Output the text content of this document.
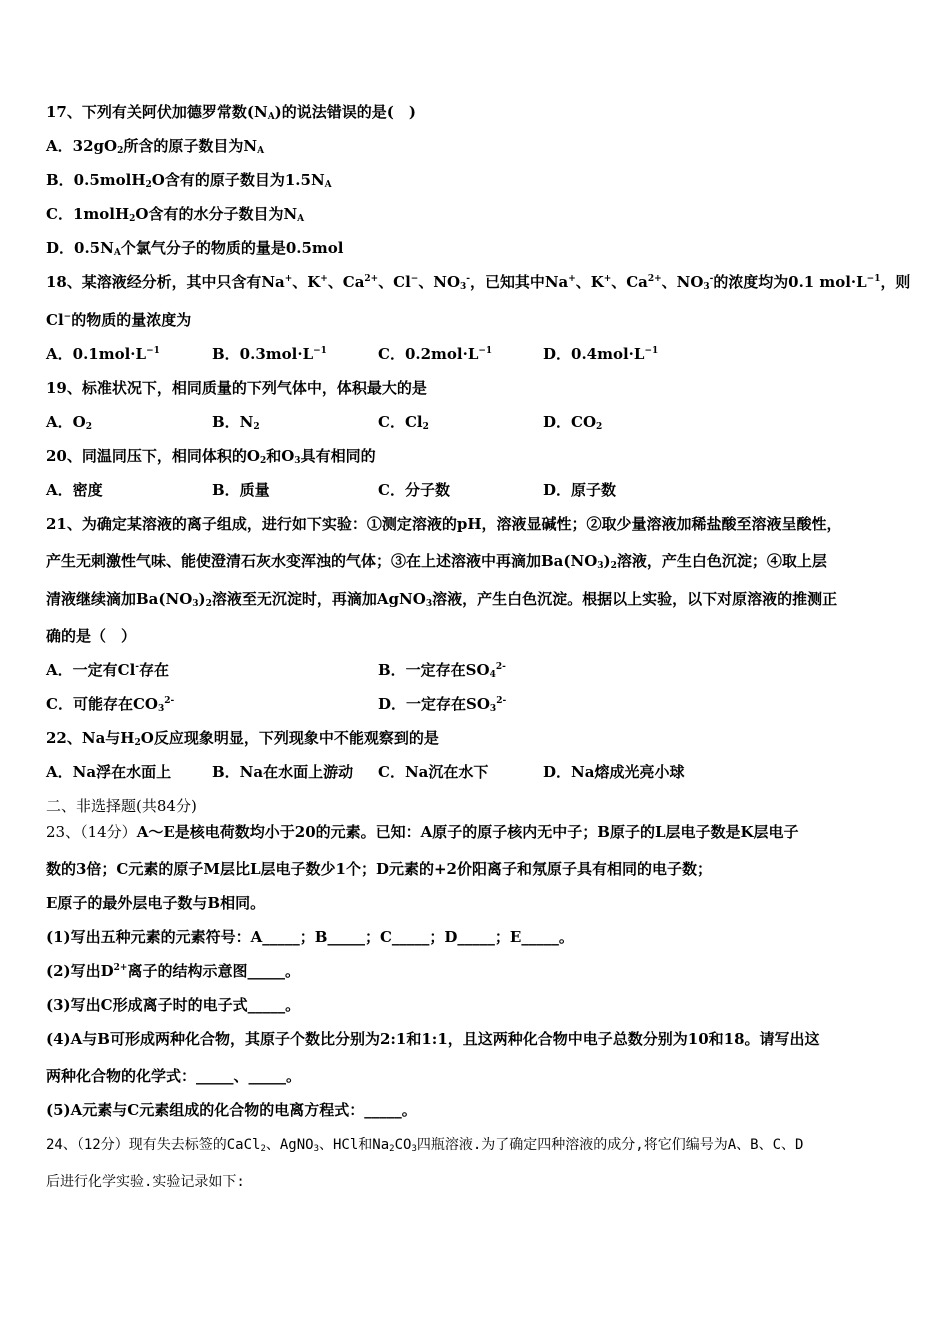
17、下列有关阿伏加德罗常数$(N_A)$的说法错误的是(　)
A．$32gO_2$所含的原子数目为$N_A$
B．0.5molH$_2$O含有的原子数目为$1.5N_A$
C．1molH$_2$O含有的水分子数目为$N_A$
D．$0.5N_A$个氯气分子的物质的量是0.5mol
18、某溶液经分析，其中只含有Na+、K+、$Ca^{2+}$、Cl−、$NO_3^-$，已知其中Na+、K+、$Ca^{2+}$、$NO_3^-$的浓度均为0.1 $mol\cdot L^{-1}$，则
Cl−的物质的量浓度为
A．$0.1mol\cdot L^{-1}$	B．$0.3mol\cdot L^{-1}$	C．$0.2mol\cdot L^{-1}$	D．$0.4mol\cdot L^{-1}$
19、标准状况下，相同质量的下列气体中，体积最大的是
A．$O_2$	B．$N_2$	C．$Cl_2$	D．$CO_2$
20、同温同压下，相同体积的$O_2$和$O_3$具有相同的
A．密度	B．质量	C．分子数	D．原子数
21、为确定某溶液的离子组成，进行如下实验：①测定溶液的pH，溶液显碱性；②取少量溶液加稀盐酸至溶液呈酸性，
产生无刺激性气味、能使澄清石灰水变浑浊的气体；③在上述溶液中再滴加$Ba(NO_3)_2$溶液，产生白色沉淀；④取上层
清液继续滴加$Ba(NO_3)_2$溶液至无沉淀时，再滴加AgNO$_3$溶液，产生白色沉淀。根据以上实验，以下对原溶液的推测正
确的是（　）
A．一定有Cl-存在	B．一定存在$SO_4^{2-}$
C．可能存在$CO_3^{2-}$	D．一定存在$SO_3^{2-}$
22、Na与$H_2O$反应现象明显，下列现象中不能观察到的是
A．Na浮在水面上	B．Na在水面上游动 C．Na沉在水下	D．Na熔成光亮小球
二、非选择题(共84分)
23、（14分）A～E是核电荷数均小于20的元素。已知：A原子的原子核内无中子；B原子的L层电子数是K层电子
数的3倍；C元素的原子M层比L层电子数少1个；D元素的+2价阳离子和氖原子具有相同的电子数；
E原子的最外层电子数与B相同。
(1)写出五种元素的元素符号：A_____；B_____；C_____；D_____；E_____。
(2)写出$D^{2+}$离子的结构示意图_____。
(3)写出C形成离子时的电子式_____。
(4)A与B可形成两种化合物，其原子个数比分别为2:1和1:1，且这两种化合物中电子总数分别为10和18。请写出这
两种化合物的化学式：_____、_____。
(5)A元素与C元素组成的化合物的电离方程式：_____。
24、（12分）现有失去标签的CaCl$_2$、AgNO$_3$、HCl和$Na_2CO_3$四瓶溶液.为了确定四种溶液的成分,将它们编号为A、B、C、D
后进行化学实验.实验记录如下:
